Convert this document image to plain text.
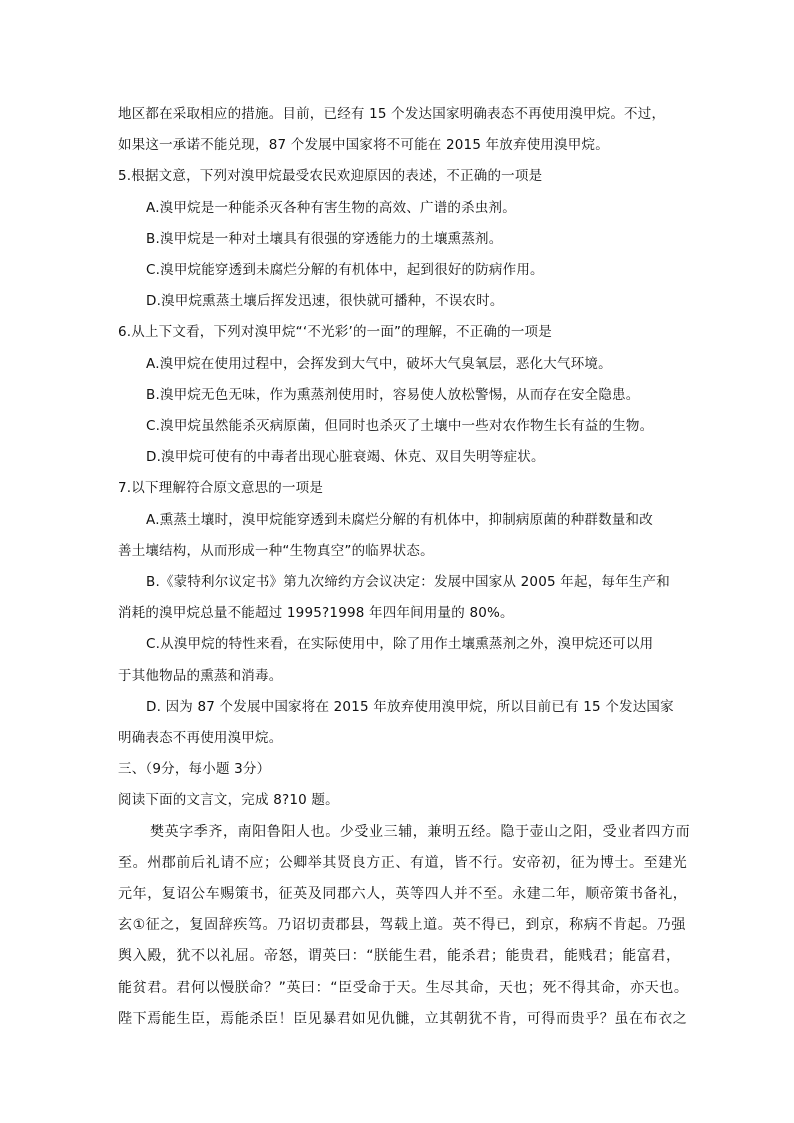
地区都在采取相应的措施。目前，已经有 15 个发达国家明确表态不再使用溴甲烷。不过，
如果这一承诺不能兑现，87 个发展中国家将不可能在 2015 年放弃使用溴甲烷。
5.根据文意，下列对溴甲烷最受农民欢迎原因的表述，不正确的一项是
A.溴甲烷是一种能杀灭各种有害生物的高效、广谱的杀虫剂。
B.溴甲烷是一种对土壤具有很强的穿透能力的土壤熏蒸剂。
C.溴甲烷能穿透到未腐烂分解的有机体中，起到很好的防病作用。
D.溴甲烷熏蒸土壤后挥发迅速，很快就可播种，不误农时。
6.从上下文看，下列对溴甲烷“‘不光彩’的一面”的理解，不正确的一项是
A.溴甲烷在使用过程中，会挥发到大气中，破坏大气臭氧层，恶化大气环境。
B.溴甲烷无色无味，作为熏蒸剂使用时，容易使人放松警惕，从而存在安全隐患。
C.溴甲烷虽然能杀灭病原菌，但同时也杀灭了土壤中一些对农作物生长有益的生物。
D.溴甲烷可使有的中毒者出现心脏衰竭、休克、双目失明等症状。
7.以下理解符合原文意思的一项是
A.熏蒸土壤时，溴甲烷能穿透到未腐烂分解的有机体中，抑制病原菌的种群数量和改
善土壤结构，从而形成一种“生物真空”的临界状态。
B.《蒙特利尔议定书》第九次缔约方会议决定：发展中国家从 2005 年起，每年生产和
消耗的溴甲烷总量不能超过 1995?1998 年四年间用量的 80%。
C.从溴甲烷的特性来看，在实际使用中，除了用作土壤熏蒸剂之外，溴甲烷还可以用
于其他物品的熏蒸和消毒。
D. 因为 87 个发展中国家将在 2015 年放弃使用溴甲烷，所以目前已有 15 个发达国家
明确表态不再使用溴甲烷。
三、（9分，每小题 3分）
阅读下面的文言文，完成 8?10 题。
樊英字季齐，南阳鲁阳人也。少受业三辅，兼明五经。隐于壶山之阳，受业者四方而
至。州郡前后礼请不应；公卿举其贤良方正、有道，皆不行。安帝初，征为博士。至建光
元年，复诏公车赐策书，征英及同郡六人，英等四人并不至。永建二年，顺帝策书备礼，
玄①征之，复固辞疾笃。乃诏切责郡县，驾载上道。英不得已，到京，称病不肯起。乃强
舆入殿，犹不以礼屈。帝怒，谓英曰：“朕能生君，能杀君；能贵君，能贱君；能富君，
能贫君。君何以慢朕命？”英曰：“臣受命于天。生尽其命，天也；死不得其命，亦天也。
陛下焉能生臣，焉能杀臣！臣见暴君如见仇雠，立其朝犹不肯，可得而贵乎？虽在布衣之
